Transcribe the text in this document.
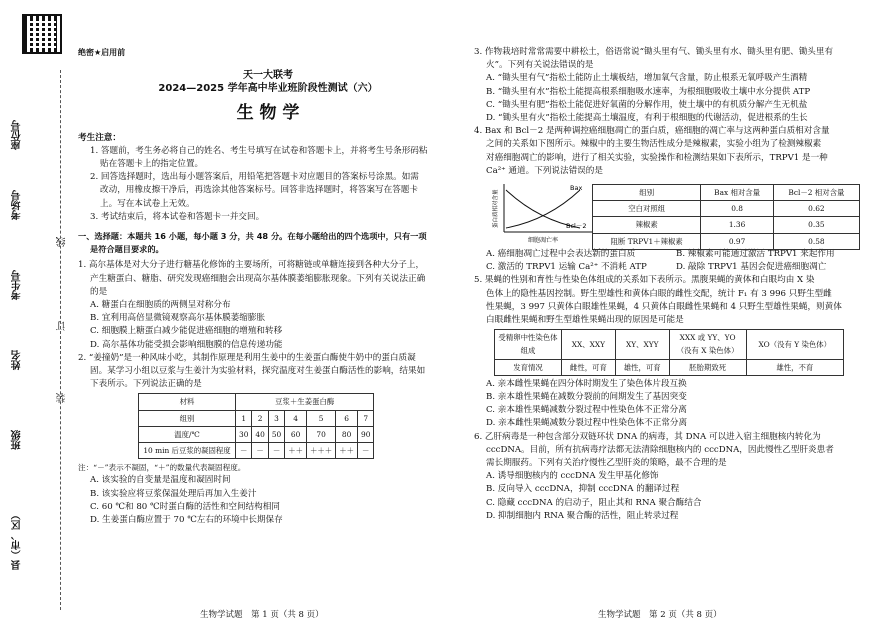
座位号
考场号
考生号
姓名
班级
县（市、区）
线
订
装

绝密★启用前

天一大联考

2024—2025 学年高中毕业班阶段性测试（六）

生 物 学

考生注意：

1. 答题前，考生务必将自己的姓名、考生号填写在试卷和答题卡上，并将考生号条形码粘

贴在答题卡上的指定位置。

2. 回答选择题时，选出每小题答案后，用铅笔把答题卡对应题目的答案标号涂黑。如需

改动，用橡皮擦干净后，再选涂其他答案标号。回答非选择题时，将答案写在答题卡

上。写在本试卷上无效。

3. 考试结束后，将本试卷和答题卡一并交回。

一、选择题：本题共 16 小题，每小题 3 分，共 48 分。在每小题给出的四个选项中，只有一项

是符合题目要求的。

1. 高尔基体是对大分子进行糖基化修饰的主要场所，可将糖链或单糖连接到各种大分子上，

产生糖蛋白、糖脂、研究发现癌细胞会出现高尔基体膜萎缩膨胀现象。下列有关说法正确

的是

A. 糖蛋白在细胞质的两侧呈对称分布

B. 宜利用高倍显微镜观察高尔基体膜萎缩膨胀

C. 细胞膜上糖蛋白减少能促进癌细胞的增殖和转移

D. 高尔基体功能受损会影响细胞膜的信息传递功能

2. “姜撞奶”是一种风味小吃，其制作原理是利用生姜中的生姜蛋白酶使牛奶中的蛋白质凝

固。某学习小组以豆浆与生姜汁为实验材料，探究温度对生姜蛋白酶活性的影响，结果如

下表所示。下列说法正确的是

材料	豆浆＋生姜蛋白酶						
组别	1	2	3	4	5	6	7
温度/℃	30	40	50	60	70	80	90
10 min 后豆浆的凝固程度	－	－	－	＋＋	＋＋＋	＋＋	－

注：“－”表示不凝固，“＋”的数量代表凝固程度。

A. 该实验的自变量是温度和凝固时间

B. 该实验应将豆浆保温处理后再加入生姜汁

C. 60 ℃和 80 ℃时蛋白酶的活性和空间结构相同

D. 生姜蛋白酶应置于 70 ℃左右的环境中长期保存

3. 作物栽培时常常需要中耕松土，俗语常说“锄头里有气、锄头里有水、锄头里有肥、锄头里有

火”。下列有关说法错误的是

A. “锄头里有气”指松土能防止土壤板结，增加氧气含量，防止根系无氧呼吸产生酒精

B. “锄头里有水”指松土能提高根系细胞吸水速率，为根细胞吸收土壤中水分提供 ATP

C. “锄头里有肥”指松土能促进好氧菌的分解作用，使土壤中的有机质分解产生无机盐

D. “锄头里有火”指松土能提高土壤温度，有利于根细胞的代谢活动，促进根系的生长

4. Bax 和 Bcl－2 是两种调控癌细胞凋亡的蛋白质，癌细胞的凋亡率与这两种蛋白质相对含量

之间的关系如下图所示。辣椒中的主要生物活性成分是辣椒素，实验小组为了检测辣椒素

对癌细胞凋亡的影响，进行了相关实验，实验操作和检测结果如下表所示，TRPV1 是一种

Ca²⁺ 通道。下列说法错误的是

Bax
Bcl－2
细胞凋亡率
蛋白质相对含量	组别	Bax 相对含量	Bcl－2 相对含量
空白对照组	0.8	0.62
辣椒素	1.36	0.35
阻断 TRPV1＋辣椒素	0.97	0.58

A. 癌细胞凋亡过程中会表达新的蛋白质	B. 辣椒素可能通过激活 TRPV1 来起作用

C. 激活的 TRPV1 运输 Ca²⁺ 不消耗 ATP	D. 敲除 TRPV1 基因会促进癌细胞凋亡

5. 果蝇的性别和育性与性染色体组成的关系如下表所示。黑腹果蝇的黄体和白眼均由 X 染

色体上的隐性基因控制。野生型雄性和黄体白眼的雌性交配，统计 F₁ 有 3 996 只野生型雌

性果蝇，3 997 只黄体白眼雄性果蝇，4 只黄体白眼雌性果蝇和 4 只野生型雄性果蝇，则黄体

白眼雌性果蝇和野生型雄性果蝇出现的原因是可能是

受精卵中性染色体组成	XX、XXY	XY、XYY	XXX 或 YY、YO（没有 X 染色体）	XO（没有 Y 染色体）
发育情况	雌性，可育	雄性，可育	胚胎期致死	雄性，不育

A. 亲本雌性果蝇在四分体时期发生了染色体片段互换

B. 亲本雄性果蝇在减数分裂前的间期发生了基因突变

C. 亲本雄性果蝇减数分裂过程中性染色体不正常分离

D. 亲本雌性果蝇减数分裂过程中性染色体不正常分离

6. 乙肝病毒是一种包含部分双链环状 DNA 的病毒，其 DNA 可以进入宿主细胞核内转化为

cccDNA。目前，所有抗病毒疗法都无法清除细胞核内的 cccDNA，因此慢性乙型肝炎患者

需长期服药。下列有关治疗慢性乙型肝炎的策略，最不合理的是

A. 诱导细胞核内的 cccDNA 发生甲基化修饰

B. 反向导入 cccDNA，抑制 cccDNA 的翻译过程

C. 隐藏 cccDNA 的启动子，阻止其和 RNA 聚合酶结合

D. 抑制细胞内 RNA 聚合酶的活性，阻止转录过程

生物学试题　第 1 页（共 8 页）	生物学试题　第 2 页（共 8 页）
